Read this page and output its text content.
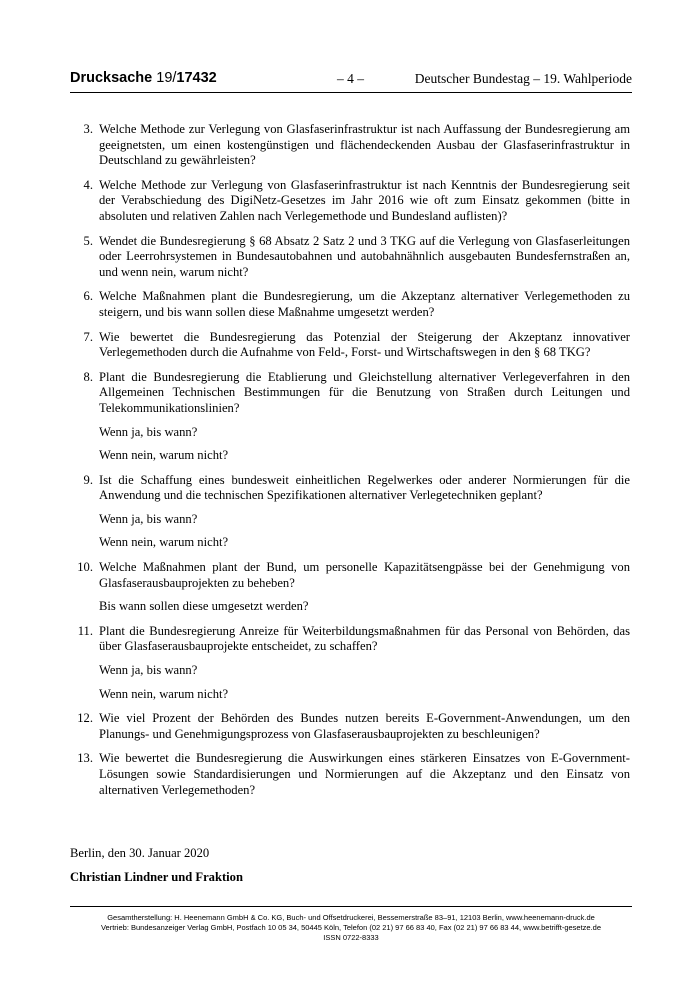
Drucksache 19/17432	– 4 –	Deutscher Bundestag – 19. Wahlperiode
3. Welche Methode zur Verlegung von Glasfaserinfrastruktur ist nach Auffassung der Bundesregierung am geeignetsten, um einen kostengünstigen und flächendeckenden Ausbau der Glasfaserinfrastruktur in Deutschland zu gewährleisten?

4. Welche Methode zur Verlegung von Glasfaserinfrastruktur ist nach Kenntnis der Bundesregierung seit der Verabschiedung des DigiNetz-Gesetzes im Jahr 2016 wie oft zum Einsatz gekommen (bitte in absoluten und relativen Zahlen nach Verlegemethode und Bundesland auflisten)?

5. Wendet die Bundesregierung § 68 Absatz 2 Satz 2 und 3 TKG auf die Verlegung von Glasfaserleitungen oder Leerrohrsystemen in Bundesautobahnen und autobahnähnlich ausgebauten Bundesfernstraßen an, und wenn nein, warum nicht?

6. Welche Maßnahmen plant die Bundesregierung, um die Akzeptanz alternativer Verlegemethoden zu steigern, und bis wann sollen diese Maßnahme umgesetzt werden?

7. Wie bewertet die Bundesregierung das Potenzial der Steigerung der Akzeptanz innovativer Verlegemethoden durch die Aufnahme von Feld-, Forst- und Wirtschaftswegen in den § 68 TKG?

8. Plant die Bundesregierung die Etablierung und Gleichstellung alternativer Verlegeverfahren in den Allgemeinen Technischen Bestimmungen für die Benutzung von Straßen durch Leitungen und Telekommunikationslinien?

Wenn ja, bis wann?

Wenn nein, warum nicht?

9. Ist die Schaffung eines bundesweit einheitlichen Regelwerkes oder anderer Normierungen für die Anwendung und die technischen Spezifikationen alternativer Verlegetechniken geplant?

Wenn ja, bis wann?

Wenn nein, warum nicht?

10. Welche Maßnahmen plant der Bund, um personelle Kapazitätsengpässe bei der Genehmigung von Glasfaserausbauprojekten zu beheben?

Bis wann sollen diese umgesetzt werden?

11. Plant die Bundesregierung Anreize für Weiterbildungsmaßnahmen für das Personal von Behörden, das über Glasfaserausbauprojekte entscheidet, zu schaffen?

Wenn ja, bis wann?

Wenn nein, warum nicht?

12. Wie viel Prozent der Behörden des Bundes nutzen bereits E-Government-Anwendungen, um den Planungs- und Genehmigungsprozess von Glasfaserausbauprojekten zu beschleunigen?

13. Wie bewertet die Bundesregierung die Auswirkungen eines stärkeren Einsatzes von E-Government-Lösungen sowie Standardisierungen und Normierungen auf die Akzeptanz und den Einsatz von alternativen Verlegemethoden?

Berlin, den 30. Januar 2020
Christian Lindner und Fraktion
Gesamtherstellung: H. Heenemann GmbH & Co. KG, Buch- und Offsetdruckerei, Bessemerstraße 83–91, 12103 Berlin, www.heenemann-druck.de
Vertrieb: Bundesanzeiger Verlag GmbH, Postfach 10 05 34, 50445 Köln, Telefon (02 21) 97 66 83 40, Fax (02 21) 97 66 83 44, www.betrifft-gesetze.de
ISSN 0722-8333
